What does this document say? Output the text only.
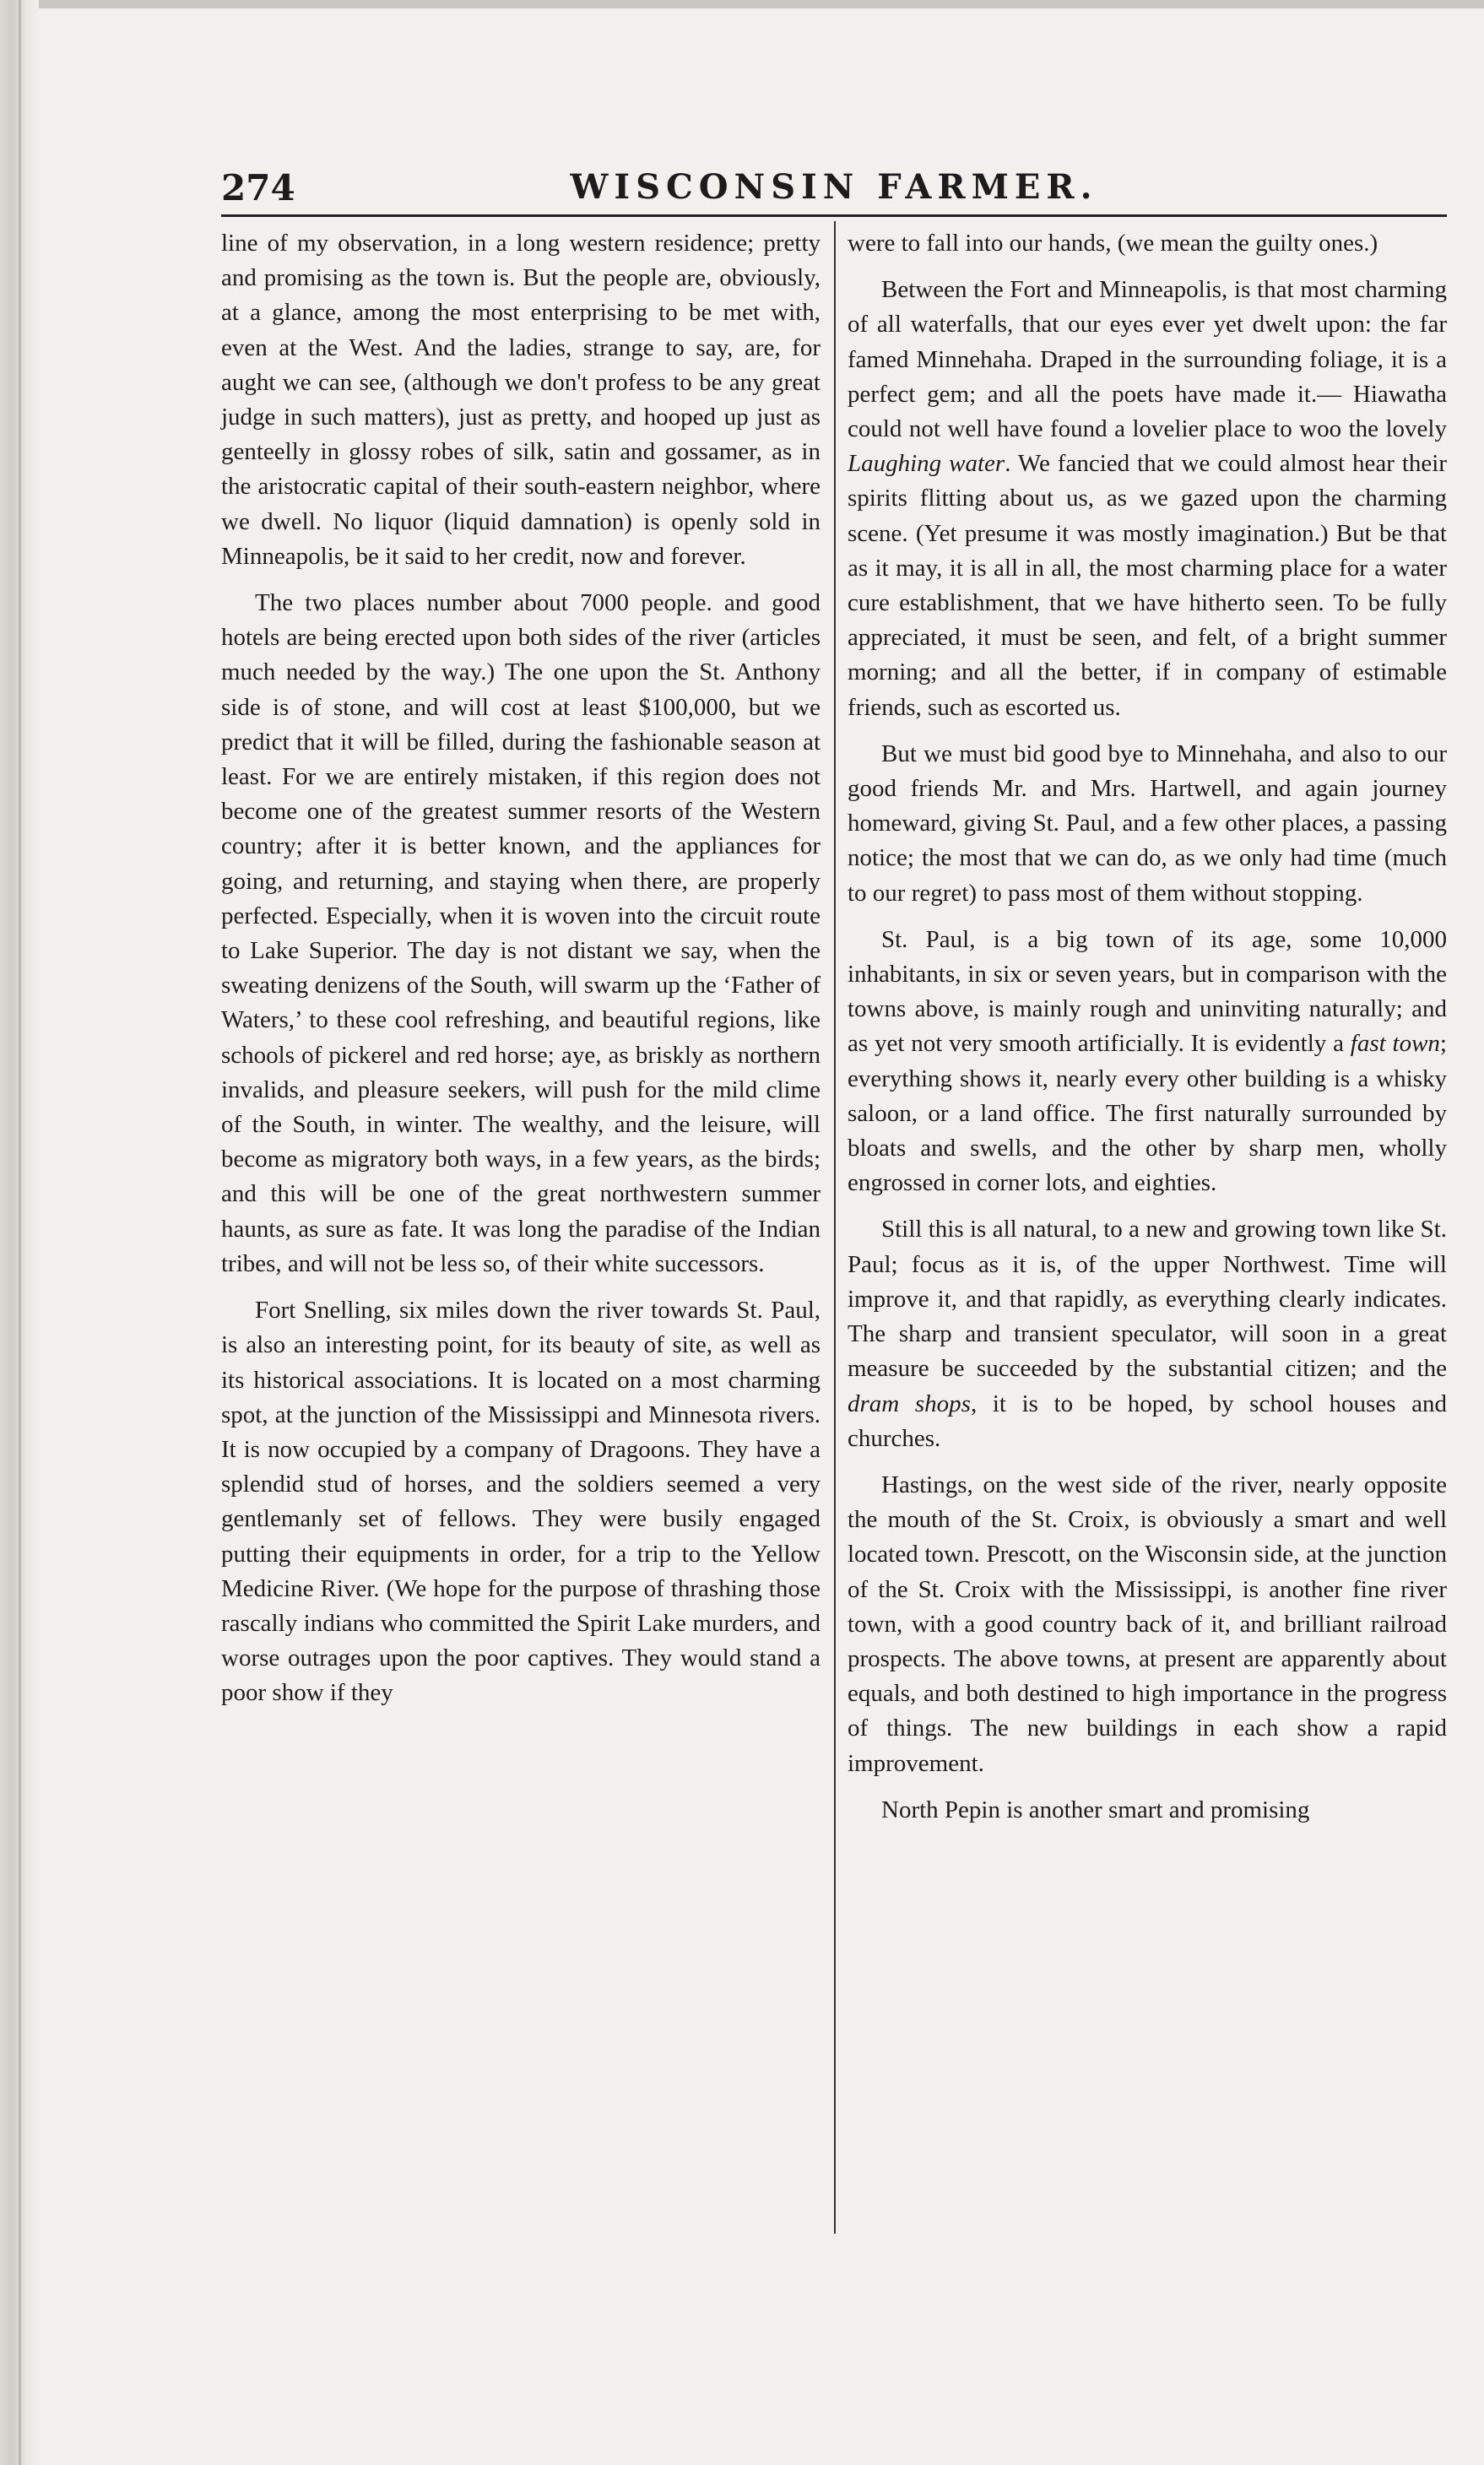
274	WISCONSIN FARMER.

line of my observation, in a long western residence; pretty and promising as the town is. But the people are, obviously, at a glance, among the most enterprising to be met with, even at the West. And the ladies, strange to say, are, for aught we can see, (although we don't profess to be any great judge in such matters), just as pretty, and hooped up just as genteelly in glossy robes of silk, satin and gossamer, as in the aristocratic capital of their south-eastern neighbor, where we dwell. No liquor (liquid damnation) is openly sold in Minneapolis, be it said to her credit, now and forever.

The two places number about 7000 people. and good hotels are being erected upon both sides of the river (articles much needed by the way.) The one upon the St. Anthony side is of stone, and will cost at least $100,000, but we predict that it will be filled, during the fashionable season at least. For we are entirely mistaken, if this region does not become one of the greatest summer resorts of the Western country; after it is better known, and the appliances for going, and returning, and staying when there, are properly perfected. Especially, when it is woven into the circuit route to Lake Superior. The day is not distant we say, when the sweating denizens of the South, will swarm up the ‘Father of Waters,’ to these cool refreshing, and beautiful regions, like schools of pickerel and red horse; aye, as briskly as northern invalids, and pleasure seekers, will push for the mild clime of the South, in winter. The wealthy, and the leisure, will become as migratory both ways, in a few years, as the birds; and this will be one of the great northwestern summer haunts, as sure as fate. It was long the paradise of the Indian tribes, and will not be less so, of their white successors.

Fort Snelling, six miles down the river towards St. Paul, is also an interesting point, for its beauty of site, as well as its historical associations. It is located on a most charming spot, at the junction of the Mississippi and Minnesota rivers. It is now occupied by a company of Dragoons. They have a splendid stud of horses, and the soldiers seemed a very gentlemanly set of fellows. They were busily engaged putting their equipments in order, for a trip to the Yellow Medicine River. (We hope for the purpose of thrashing those rascally indians who committed the Spirit Lake murders, and worse outrages upon the poor captives. They would stand a poor show if they

were to fall into our hands, (we mean the guilty ones.)

Between the Fort and Minneapolis, is that most charming of all waterfalls, that our eyes ever yet dwelt upon: the far famed Minnehaha. Draped in the surrounding foliage, it is a perfect gem; and all the poets have made it.— Hiawatha could not well have found a lovelier place to woo the lovely Laughing water. We fancied that we could almost hear their spirits flitting about us, as we gazed upon the charming scene. (Yet presume it was mostly imagination.) But be that as it may, it is all in all, the most charming place for a water cure establishment, that we have hitherto seen. To be fully appreciated, it must be seen, and felt, of a bright summer morning; and all the better, if in company of estimable friends, such as escorted us.

But we must bid good bye to Minnehaha, and also to our good friends Mr. and Mrs. Hartwell, and again journey homeward, giving St. Paul, and a few other places, a passing notice; the most that we can do, as we only had time (much to our regret) to pass most of them without stopping.

St. Paul, is a big town of its age, some 10,000 inhabitants, in six or seven years, but in comparison with the towns above, is mainly rough and uninviting naturally; and as yet not very smooth artificially. It is evidently a fast town; everything shows it, nearly every other building is a whisky saloon, or a land office. The first naturally surrounded by bloats and swells, and the other by sharp men, wholly engrossed in corner lots, and eighties.

Still this is all natural, to a new and growing town like St. Paul; focus as it is, of the upper Northwest. Time will improve it, and that rapidly, as everything clearly indicates. The sharp and transient speculator, will soon in a great measure be succeeded by the substantial citizen; and the dram shops, it is to be hoped, by school houses and churches.

Hastings, on the west side of the river, nearly opposite the mouth of the St. Croix, is obviously a smart and well located town. Prescott, on the Wisconsin side, at the junction of the St. Croix with the Mississippi, is another fine river town, with a good country back of it, and brilliant railroad prospects. The above towns, at present are apparently about equals, and both destined to high importance in the progress of things. The new buildings in each show a rapid improvement.

North Pepin is another smart and promising
